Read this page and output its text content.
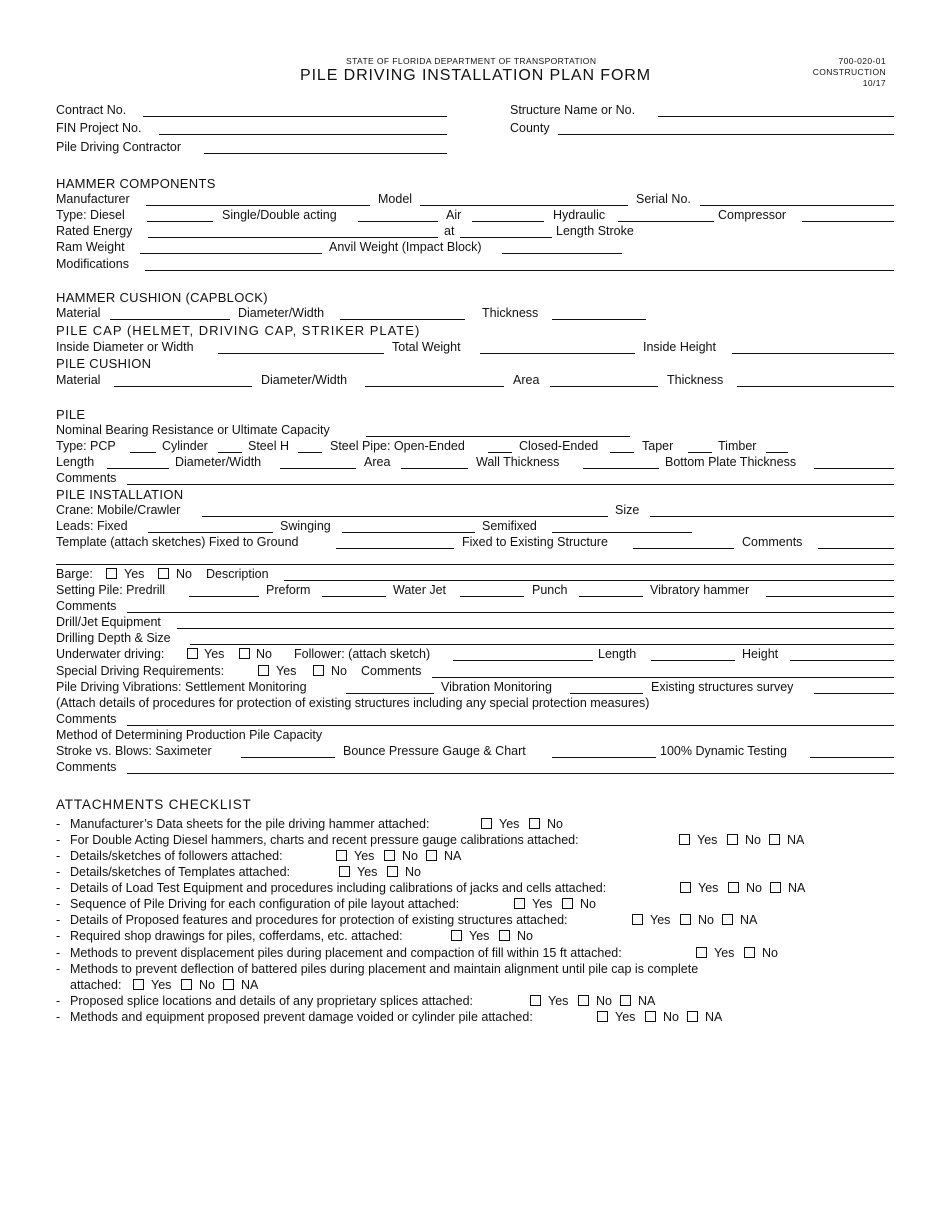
STATE OF FLORIDA DEPARTMENT OF TRANSPORTATION
PILE DRIVING INSTALLATION PLAN FORM
700-020-01
CONSTRUCTION
10/17
Contract No.	Structure Name or No.
FIN Project No.	County
Pile Driving Contractor
HAMMER COMPONENTS
Manufacturer	Model	Serial No.
Type: Diesel	Single/Double acting	Air	Hydraulic	Compressor
Rated Energy	at	Length Stroke
Ram Weight	Anvil Weight (Impact Block)
Modifications
HAMMER CUSHION (CAPBLOCK)
Material	Diameter/Width	Thickness
PILE CAP (HELMET, DRIVING CAP, STRIKER PLATE)
Inside Diameter or Width	Total Weight	Inside Height
PILE CUSHION
Material	Diameter/Width	Area	Thickness
PILE
Nominal Bearing Resistance or Ultimate Capacity
Type: PCP	Cylinder	Steel H	Steel Pipe: Open-Ended	Closed-Ended	Taper	Timber
Length	Diameter/Width	Area	Wall Thickness	Bottom Plate Thickness
Comments
PILE INSTALLATION
Crane: Mobile/Crawler	Size
Leads: Fixed	Swinging	Semifixed
Template (attach sketches) Fixed to Ground	Fixed to Existing Structure	Comments
Barge: Yes	No Description
Setting Pile: Predrill	Preform	Water Jet	Punch	Vibratory hammer
Comments
Drill/Jet Equipment
Drilling Depth & Size
Underwater driving:	Yes	No Follower: (attach sketch)	Length	Height
Special Driving Requirements:	Yes	No Comments
Pile Driving Vibrations: Settlement Monitoring	Vibration Monitoring	Existing structures survey
(Attach details of procedures for protection of existing structures including any special protection measures)
Comments
Method of Determining Production Pile Capacity
Stroke vs. Blows: Saximeter	Bounce Pressure Gauge & Chart	100% Dynamic Testing
Comments
ATTACHMENTS CHECKLIST
- Manufacturer’s Data sheets for the pile driving hammer attached:	Yes No
- For Double Acting Diesel hammers, charts and recent pressure gauge calibrations attached:	Yes No NA
- Details/sketches of followers attached:	Yes No NA
- Details/sketches of Templates attached:	Yes No
- Details of Load Test Equipment and procedures including calibrations of jacks and cells attached:	Yes No NA
- Sequence of Pile Driving for each configuration of pile layout attached:	Yes No
- Details of Proposed features and procedures for protection of existing structures attached:	Yes No NA
- Required shop drawings for piles, cofferdams, etc. attached:	Yes No
- Methods to prevent displacement piles during placement and compaction of fill within 15 ft attached:	Yes No
- Methods to prevent deflection of battered piles during placement and maintain alignment until pile cap is complete
attached: Yes No NA
- Proposed splice locations and details of any proprietary splices attached:	Yes No NA
- Methods and equipment proposed prevent damage voided or cylinder pile attached:	Yes No NA
